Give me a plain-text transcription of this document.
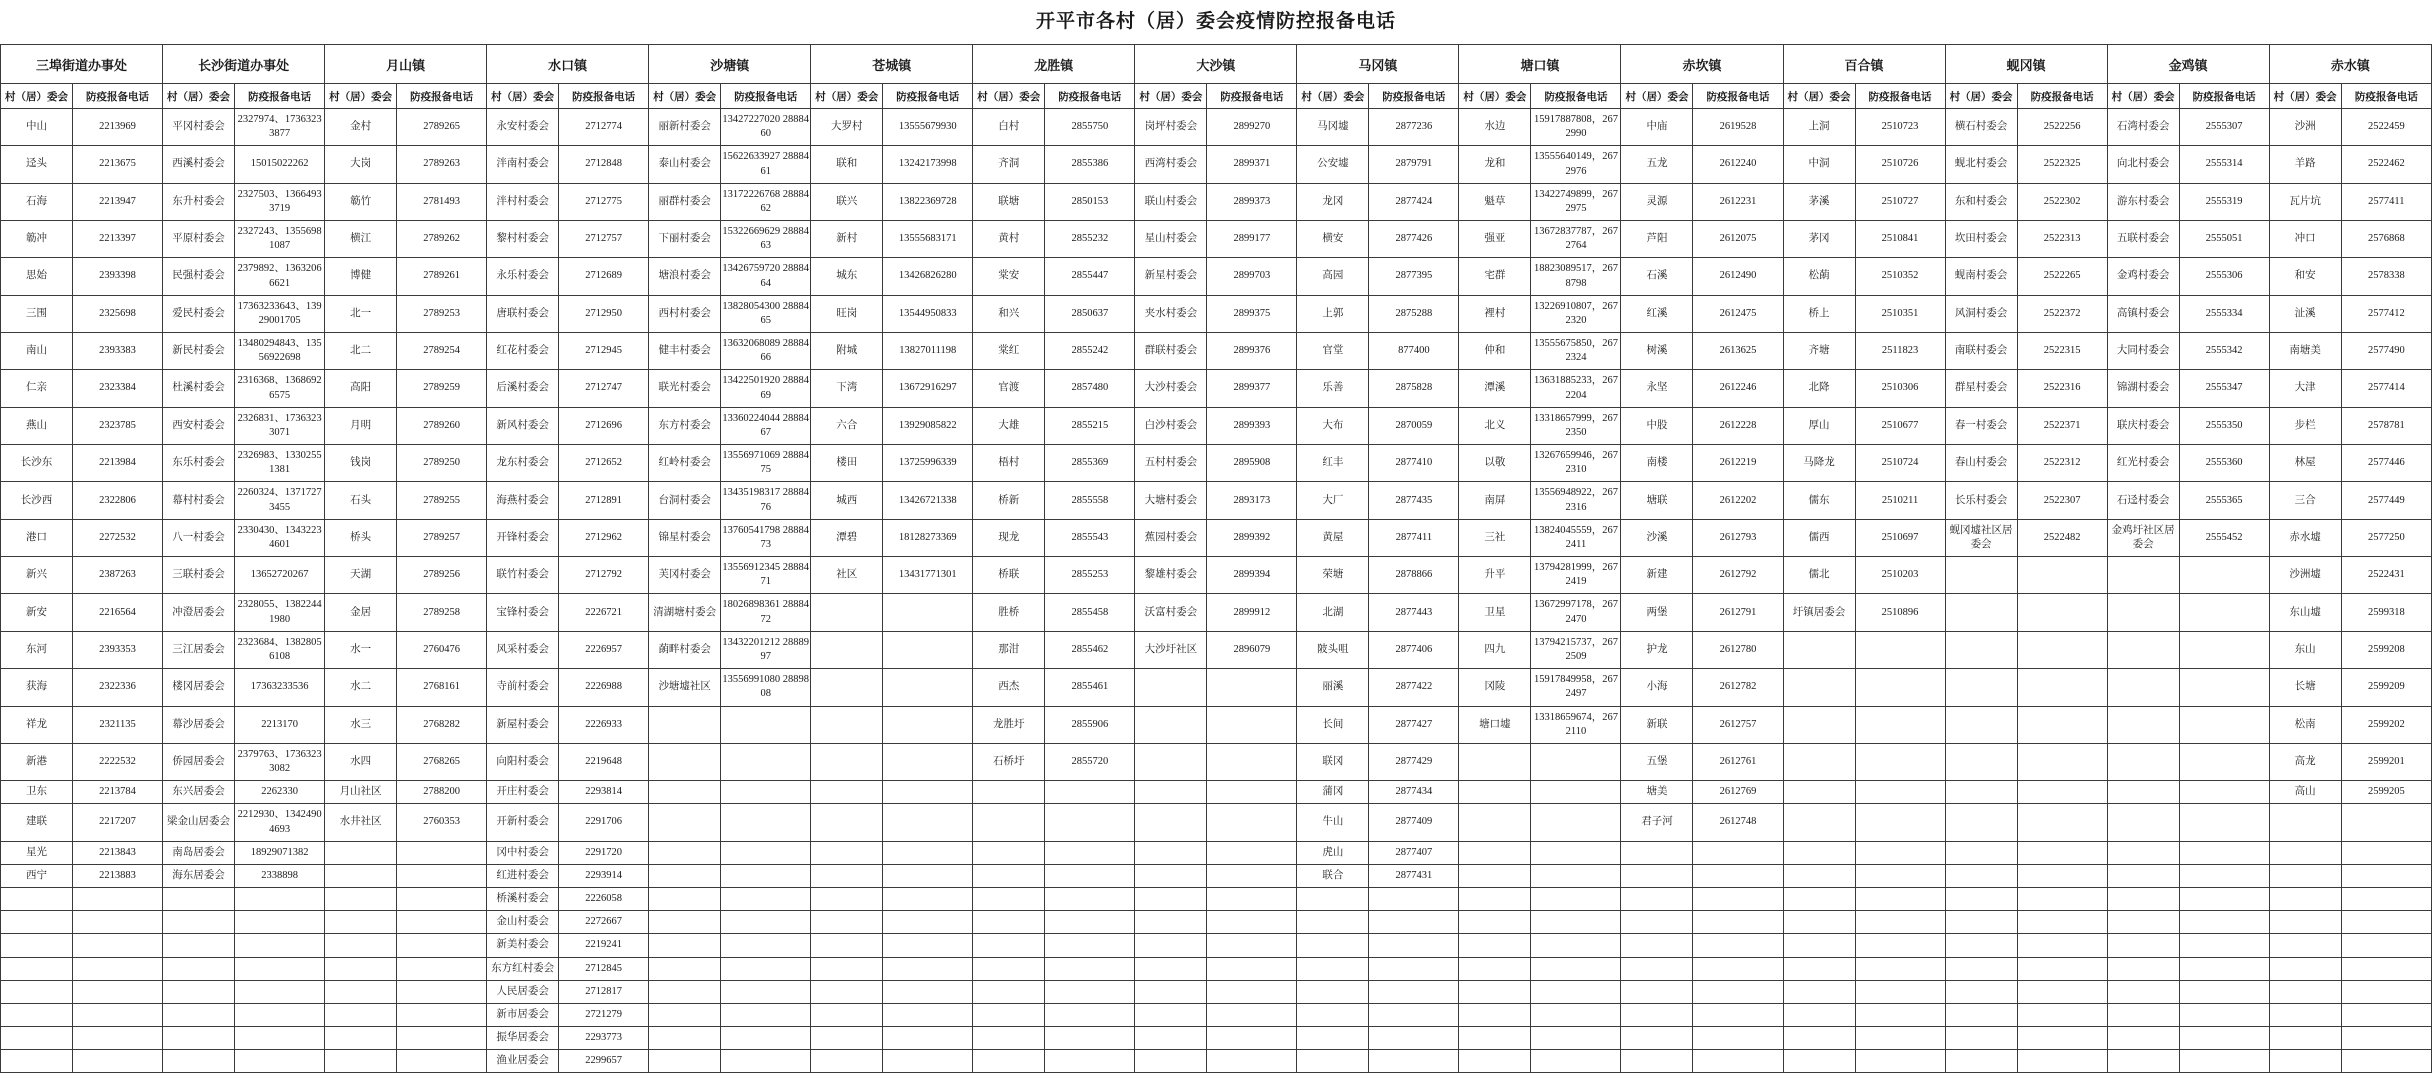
开平市各村（居）委会疫情防控报备电话
三埠街道办事处		长沙街道办事处		月山镇		水口镇		沙塘镇		苍城镇		龙胜镇		大沙镇		马冈镇		塘口镇		赤坎镇		百合镇		蚬冈镇		金鸡镇		赤水镇	
村（居）委会	防疫报备电话	村（居）委会	防疫报备电话	村（居）委会	防疫报备电话	村（居）委会	防疫报备电话	村（居）委会	防疫报备电话	村（居）委会	防疫报备电话	村（居）委会	防疫报备电话	村（居）委会	防疫报备电话	村（居）委会	防疫报备电话	村（居）委会	防疫报备电话	村（居）委会	防疫报备电话	村（居）委会	防疫报备电话	村（居）委会	防疫报备电话	村（居）委会	防疫报备电话	村（居）委会	防疫报备电话
中山	2213969	平冈村委会	2327974、17363233877	金村	2789265	永安村委会	2712774	丽新村委会	13427227020 2888460	大罗村	13555679930	白村	2855750	岗坪村委会	2899270	马冈墟	2877236	水边	15917887808，2672990	中庙	2619528	上洞	2510723	横石村委会	2522256	石湾村委会	2555307	沙洲	2522459
迳头	2213675	西溪村委会	15015022262	大岗	2789263	泮南村委会	2712848	泰山村委会	15622633927 2888461	联和	13242173998	齐洞	2855386	西湾村委会	2899371	公安墟	2879791	龙和	13555640149，2672976	五龙	2612240	中洞	2510726	蚬北村委会	2522325	向北村委会	2555314	羊路	2522462
石海	2213947	东升村委会	2327503、13664933719	簕竹	2781493	泮村村委会	2712775	丽群村委会	13172226768 2888462	联兴	13822369728	联塘	2850153	联山村委会	2899373	龙冈	2877424	魁草	13422749899，2672975	灵源	2612231	茅溪	2510727	东和村委会	2522302	游东村委会	2555319	瓦片坑	2577411
簕冲	2213397	平原村委会	2327243、13556981087	横江	2789262	黎村村委会	2712757	下丽村委会	15322669629 2888463	新村	13555683171	黄村	2855232	星山村委会	2899177	横安	2877426	强亚	13672837787，2672764	芦阳	2612075	茅冈	2510841	坎田村委会	2522313	五联村委会	2555051	冲口	2576868
思始	2393398	民强村委会	2379892、13632066621	博健	2789261	永乐村委会	2712689	塘浪村委会	13426759720 2888464	城东	13426826280	棠安	2855447	新星村委会	2899703	高园	2877395	宅群	18823089517，2678798	石溪	2612490	松蓢	2510352	蚬南村委会	2522265	金鸡村委会	2555306	和安	2578338
三围	2325698	爱民村委会	17363233643、13929001705	北一	2789253	唐联村委会	2712950	西村村委会	13828054300 2888465	旺岗	13544950833	和兴	2850637	夹水村委会	2899375	上郭	2875288	裡村	13226910807，2672320	红溪	2612475	桥上	2510351	风洞村委会	2522372	高镇村委会	2555334	沚溪	2577412
南山	2393383	新民村委会	13480294843、13556922698	北二	2789254	红花村委会	2712945	健丰村委会	13632068089 2888466	附城	13827011198	棠红	2855242	群联村委会	2899376	官堂	877400	仲和	13555675850，2672324	树溪	2613625	齐塘	2511823	南联村委会	2522315	大同村委会	2555342	南塘美	2577490
仁亲	2323384	杜溪村委会	2316368、13686926575	高阳	2789259	后溪村委会	2712747	联光村委会	13422501920 2888469	下湾	13672916297	官渡	2857480	大沙村委会	2899377	乐善	2875828	潭溪	13631885233，2672204	永坚	2612246	北降	2510306	群星村委会	2522316	锦湖村委会	2555347	大津	2577414
燕山	2323785	西安村委会	2326831、17363233071	月明	2789260	新风村委会	2712696	东方村委会	13360224044 2888467	六合	13929085822	大雄	2855215	白沙村委会	2899393	大布	2870059	北义	13318657999，2672350	中股	2612228	厚山	2510677	春一村委会	2522371	联庆村委会	2555350	步栏	2578781
长沙东	2213984	东乐村委会	2326983、13302551381	钱岗	2789250	龙东村委会	2712652	红岭村委会	13556971069 2888475	楼田	13725996339	梧村	2855369	五村村委会	2895908	红丰	2877410	以敬	13267659946，2672310	南楼	2612219	马降龙	2510724	春山村委会	2522312	红光村委会	2555360	林屋	2577446
长沙西	2322806	幕村村委会	2260324、13717273455	石头	2789255	海燕村委会	2712891	台洞村委会	13435198317 2888476	城西	13426721338	桥新	2855558	大塘村委会	2893173	大厂	2877435	南屏	13556948922，2672316	塘联	2612202	儒东	2510211	长乐村委会	2522307	石迳村委会	2555365	三合	2577449
港口	2272532	八一村委会	2330430、13432234601	桥头	2789257	开锋村委会	2712962	锦星村委会	13760541798 2888473	潭碧	18128273369	现龙	2855543	蕉园村委会	2899392	黄屋	2877411	三社	13824045559，2672411	沙溪	2612793	儒西	2510697	蚬冈墟社区居委会	2522482	金鸡圩社区居委会	2555452	赤水墟	2577250
新兴	2387263	三联村委会	13652720267	天湖	2789256	联竹村委会	2712792	芙冈村委会	13556912345 2888471	社区	13431771301	桥联	2855253	黎雄村委会	2899394	荣塘	2878866	升平	13794281999，2672419	新建	2612792	儒北	2510203					沙洲墟	2522431
新安	2216564	冲澄居委会	2328055、13822441980	金居	2789258	宝锋村委会	2226721	清湖塘村委会	18026898361 2888472			胜桥	2855458	沃富村委会	2899912	北湖	2877443	卫星	13672997178，2672470	两堡	2612791	圩镇居委会	2510896					东山墟	2599318
东河	2393353	三江居委会	2323684、13828056108	水一	2760476	风采村委会	2226957	蓢畔村委会	13432201212 2888997			那泔	2855462	大沙圩社区	2896079	陂头咀	2877406	四九	13794215737，2672509	护龙	2612780							东山	2599208
获海	2322336	楼冈居委会	17363233536	水二	2768161	寺前村委会	2226988	沙塘墟社区	13556991080 2889808			西杰	2855461			丽溪	2877422	冈陵	15917849958，2672497	小海	2612782							长塘	2599209
祥龙	2321135	幕沙居委会	2213170	水三	2768282	新屋村委会	2226933					龙胜圩	2855906			长间	2877427	塘口墟	13318659674，2672110	新联	2612757							松南	2599202
新港	2222532	侨园居委会	2379763、17363233082	水四	2768265	向阳村委会	2219648					石桥圩	2855720			联冈	2877429			五堡	2612761							高龙	2599201
卫东	2213784	东兴居委会	2262330	月山社区	2788200	开庄村委会	2293814									蒲冈	2877434			塘美	2612769							高山	2599205
建联	2217207	梁金山居委会	2212930、13424904693	水井社区	2760353	开新村委会	2291706									牛山	2877409			君子河	2612748								
星光	2213843	南岛居委会	18929071382			冈中村委会	2291720									虎山	2877407												
西宁	2213883	海东居委会	2338898			红进村委会	2293914									联合	2877431												
						桥溪村委会	2226058																						
						金山村委会	2272667																						
						新美村委会	2219241																						
						东方红村委会	2712845																						
						人民居委会	2712817																						
						新市居委会	2721279																						
						振华居委会	2293773																						
						渔业居委会	2299657																						
